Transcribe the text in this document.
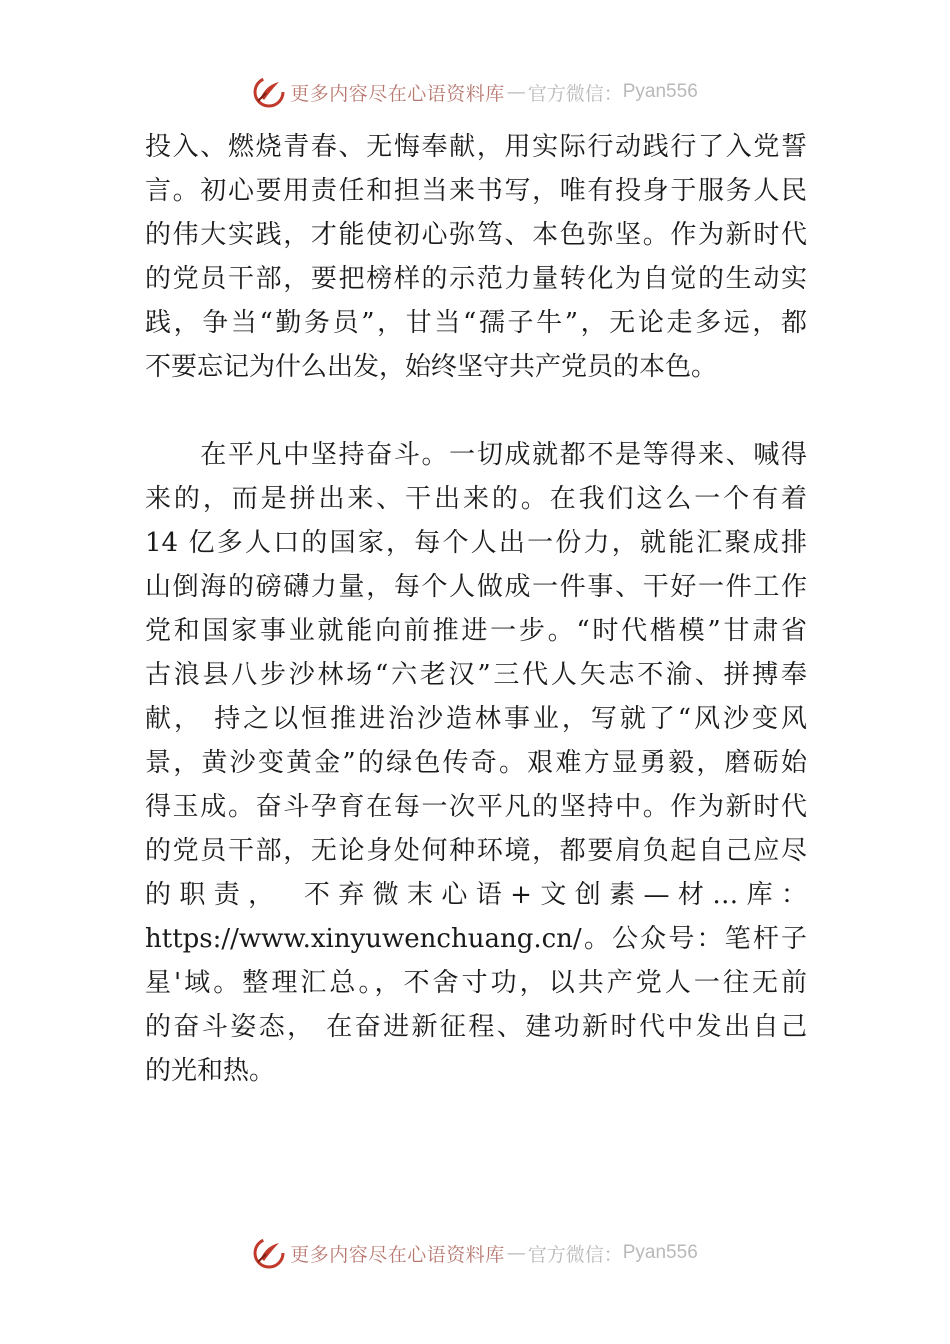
更多内容尽在心语资料库 — 官方微信： Pyan556
投入、燃烧青春、无悔奉献，用实际行动践行了入党誓
言。初心要用责任和担当来书写，唯有投身于服务人民
的伟大实践，才能使初心弥笃、本色弥坚。作为新时代
的党员干部，要把榜样的示范力量转化为自觉的生动实
践，争当“勤务员”，甘当“孺子牛”，无论走多远，都
不要忘记为什么出发，始终坚守共产党员的本色。
　　在平凡中坚持奋斗。一切成就都不是等得来、喊得
来的，而是拼出来、干出来的。在我们这么一个有着
14 亿多人口的国家，每个人出一份力，就能汇聚成排
山倒海的磅礴力量，每个人做成一件事、干好一件工作
党和国家事业就能向前推进一步。“时代楷模”甘肃省
古浪县八步沙林场“六老汉”三代人矢志不渝、拼搏奉
献， 持之以恒推进治沙造林事业，写就了“风沙变风
景，黄沙变黄金”的绿色传奇。艰难方显勇毅，磨砺始
得玉成。奋斗孕育在每一次平凡的坚持中。作为新时代
的党员干部，无论身处何种环境，都要肩负起自己应尽
的职责，　不弃微末心语+文创素—材…库：
https://www.xinyuwenchuang.cn/。公众号：笔杆子
星'域。整理汇总。，不舍寸功，以共产党人一往无前
的奋斗姿态， 在奋进新征程、建功新时代中发出自己
的光和热。
更多内容尽在心语资料库 — 官方微信： Pyan556
